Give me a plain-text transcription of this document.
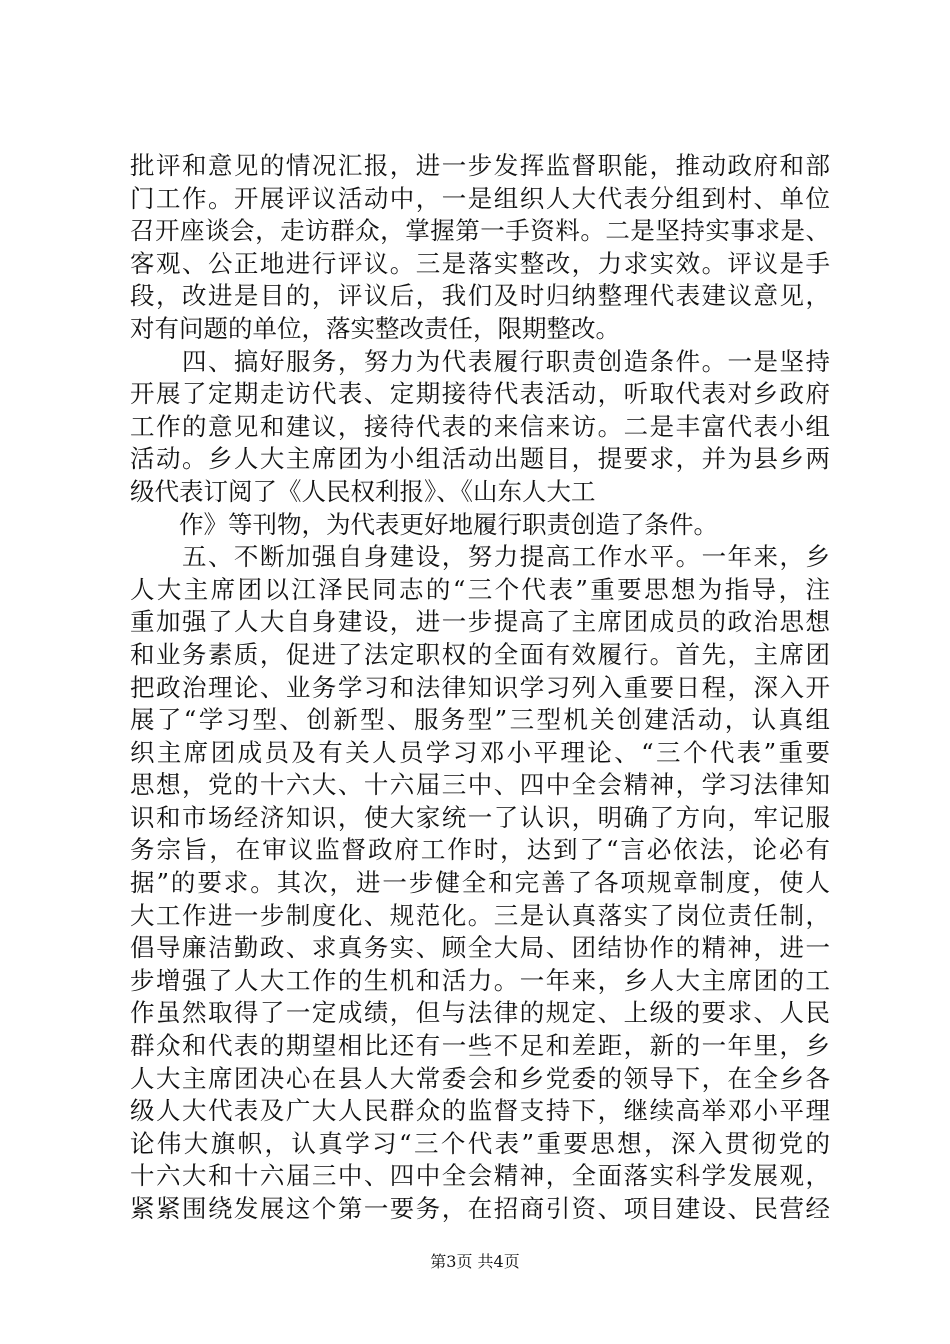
批评和意见的情况汇报，进一步发挥监督职能，推动政府和部
门工作。开展评议活动中，一是组织人大代表分组到村、单位
召开座谈会，走访群众，掌握第一手资料。二是坚持实事求是、
客观、公正地进行评议。三是落实整改，力求实效。评议是手
段，改进是目的，评议后，我们及时归纳整理代表建议意见，
对有问题的单位，落实整改责任，限期整改。
　　四、搞好服务，努力为代表履行职责创造条件。一是坚持
开展了定期走访代表、定期接待代表活动，听取代表对乡政府
工作的意见和建议，接待代表的来信来访。二是丰富代表小组
活动。乡人大主席团为小组活动出题目，提要求，并为县乡两
级代表订阅了《人民权利报》、《山东人大工
　　作》等刊物，为代表更好地履行职责创造了条件。
　　五、不断加强自身建设，努力提高工作水平。一年来，乡
人大主席团以江泽民同志的“三个代表”重要思想为指导，注
重加强了人大自身建设，进一步提高了主席团成员的政治思想
和业务素质，促进了法定职权的全面有效履行。首先，主席团
把政治理论、业务学习和法律知识学习列入重要日程，深入开
展了“学习型、创新型、服务型”三型机关创建活动，认真组
织主席团成员及有关人员学习邓小平理论、“三个代表”重要
思想，党的十六大、十六届三中、四中全会精神，学习法律知
识和市场经济知识，使大家统一了认识，明确了方向，牢记服
务宗旨，在审议监督政府工作时，达到了“言必依法，论必有
据”的要求。其次，进一步健全和完善了各项规章制度，使人
大工作进一步制度化、规范化。三是认真落实了岗位责任制，
倡导廉洁勤政、求真务实、顾全大局、团结协作的精神，进一
步增强了人大工作的生机和活力。一年来，乡人大主席团的工
作虽然取得了一定成绩，但与法律的规定、上级的要求、人民
群众和代表的期望相比还有一些不足和差距，新的一年里，乡
人大主席团决心在县人大常委会和乡党委的领导下，在全乡各
级人大代表及广大人民群众的监督支持下，继续高举邓小平理
论伟大旗帜，认真学习“三个代表”重要思想，深入贯彻党的
十六大和十六届三中、四中全会精神，全面落实科学发展观，
紧紧围绕发展这个第一要务，在招商引资、项目建设、民营经
第3页 共4页
